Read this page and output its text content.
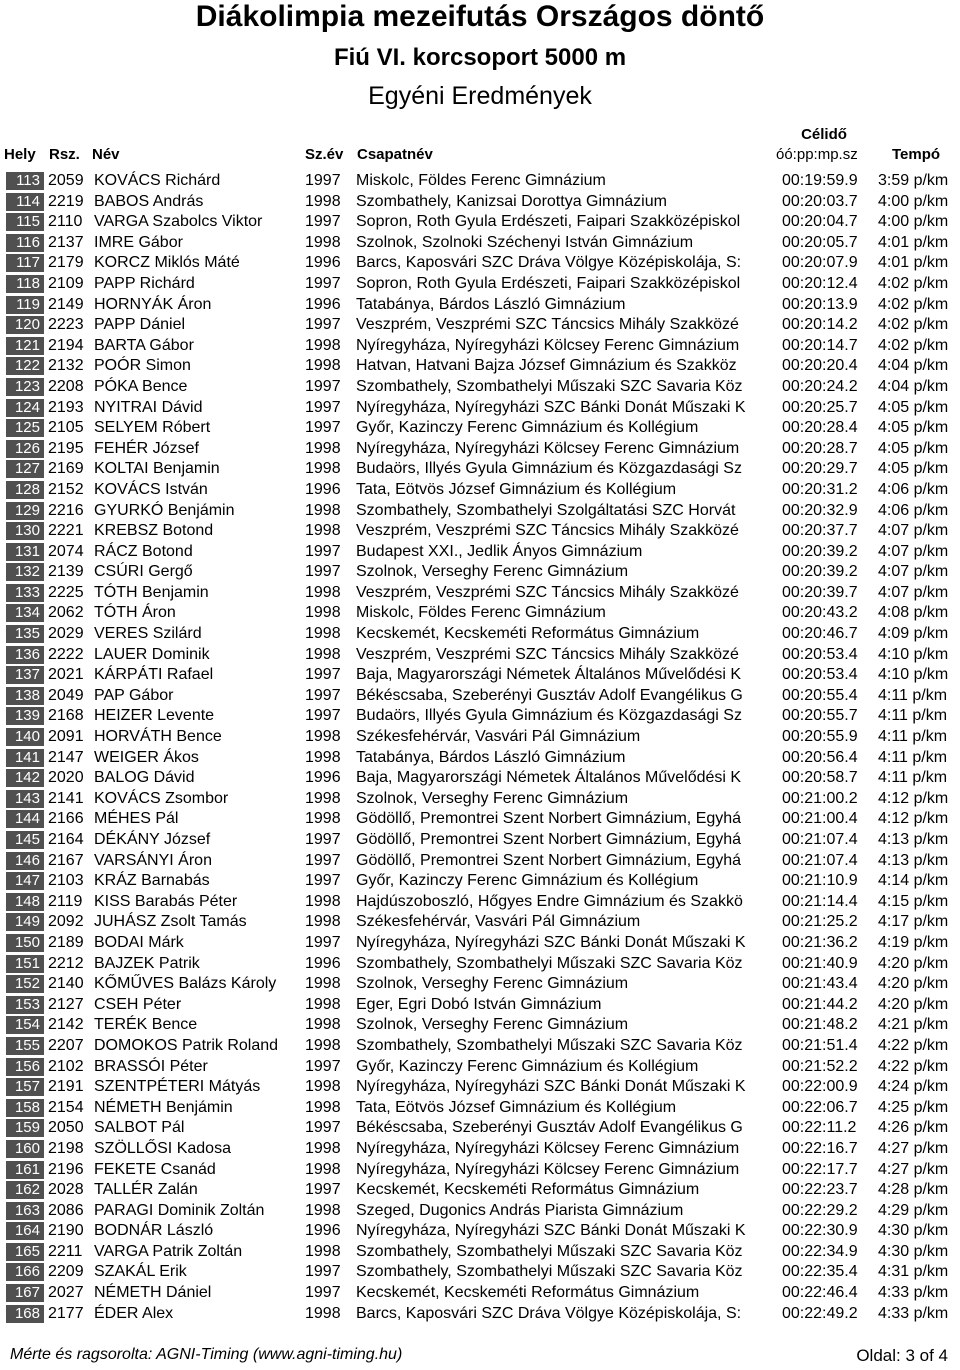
Diákolimpia mezeifutás Országos döntő
Fiú VI. korcsoport 5000 m
Egyéni Eredmények
Hely Rsz. Név	Sz.év Csapatnév
Célidő
óó:pp:mp.sz Tempó
113 2059 KOVÁCS Richárd	1997 Miskolc, Földes Ferenc Gimnázium	00:19:59.9	3:59 p/km
114 2219 BABOS András	1998 Szombathely, Kanizsai Dorottya Gimnázium	00:20:03.7	4:00 p/km
115 2110 VARGA Szabolcs Viktor	1997 Sopron, Roth Gyula Erdészeti, Faipari Szakközépiskol	00:20:04.7	4:00 p/km
116 2137 IMRE Gábor	1998 Szolnok, Szolnoki Széchenyi István Gimnázium	00:20:05.7	4:01 p/km
117 2179 KORCZ Miklós Máté	1996 Barcs, Kaposvári SZC Dráva Völgye Középiskolája, S:	00:20:07.9	4:01 p/km
118 2109 PAPP Richárd	1997 Sopron, Roth Gyula Erdészeti, Faipari Szakközépiskol	00:20:12.4	4:02 p/km
119 2149 HORNYÁK Áron	1996 Tatabánya, Bárdos László Gimnázium	00:20:13.9	4:02 p/km
120 2223 PAPP Dániel	1997 Veszprém, Veszprémi SZC Táncsics Mihály Szakközé	00:20:14.2	4:02 p/km
121 2194 BARTA Gábor	1998 Nyíregyháza, Nyíregyházi Kölcsey Ferenc Gimnázium	00:20:14.7	4:02 p/km
122 2132 POÓR Simon	1998 Hatvan, Hatvani Bajza József Gimnázium és Szakköz	00:20:20.4	4:04 p/km
123 2208 PÓKA Bence	1997 Szombathely, Szombathelyi Műszaki SZC Savaria Köz	00:20:24.2	4:04 p/km
124 2193 NYITRAI Dávid	1997 Nyíregyháza, Nyíregyházi SZC Bánki Donát Műszaki K	00:20:25.7	4:05 p/km
125 2105 SELYEM Róbert	1997 Győr, Kazinczy Ferenc Gimnázium és Kollégium	00:20:28.4	4:05 p/km
126 2195 FEHÉR József	1998 Nyíregyháza, Nyíregyházi Kölcsey Ferenc Gimnázium	00:20:28.7	4:05 p/km
127 2169 KOLTAI Benjamin	1998 Budaörs, Illyés Gyula Gimnázium és Közgazdasági Sz	00:20:29.7	4:05 p/km
128 2152 KOVÁCS István	1996 Tata, Eötvös József Gimnázium és Kollégium	00:20:31.2	4:06 p/km
129 2216 GYURKÓ Benjámin	1998 Szombathely, Szombathelyi Szolgáltatási SZC Horvát	00:20:32.9	4:06 p/km
130 2221 KREBSZ Botond	1998 Veszprém, Veszprémi SZC Táncsics Mihály Szakközé	00:20:37.7	4:07 p/km
131 2074 RÁCZ Botond	1997 Budapest XXI., Jedlik Ányos Gimnázium	00:20:39.2	4:07 p/km
132 2139 CSÚRI Gergő	1997 Szolnok, Verseghy Ferenc Gimnázium	00:20:39.2	4:07 p/km
133 2225 TÓTH Benjamin	1998 Veszprém, Veszprémi SZC Táncsics Mihály Szakközé	00:20:39.7	4:07 p/km
134 2062 TÓTH Áron	1998 Miskolc, Földes Ferenc Gimnázium	00:20:43.2	4:08 p/km
135 2029 VERES Szilárd	1998 Kecskemét, Kecskeméti Református Gimnázium	00:20:46.7	4:09 p/km
136 2222 LAUER Dominik	1998 Veszprém, Veszprémi SZC Táncsics Mihály Szakközé	00:20:53.4	4:10 p/km
137 2021 KÁRPÁTI Rafael	1997 Baja, Magyarországi Németek Általános Művelődési K	00:20:53.4	4:10 p/km
138 2049 PAP Gábor	1997 Békéscsaba, Szeberényi Gusztáv Adolf Evangélikus G	00:20:55.4	4:11 p/km
139 2168 HEIZER Levente	1997 Budaörs, Illyés Gyula Gimnázium és Közgazdasági Sz	00:20:55.7	4:11 p/km
140 2091 HORVÁTH Bence	1998 Székesfehérvár, Vasvári Pál Gimnázium	00:20:55.9	4:11 p/km
141 2147 WEIGER Ákos	1998 Tatabánya, Bárdos László Gimnázium	00:20:56.4	4:11 p/km
142 2020 BALOG Dávid	1996 Baja, Magyarországi Németek Általános Művelődési K	00:20:58.7	4:11 p/km
143 2141 KOVÁCS Zsombor	1998 Szolnok, Verseghy Ferenc Gimnázium	00:21:00.2	4:12 p/km
144 2166 MÉHES Pál	1998 Gödöllő, Premontrei Szent Norbert Gimnázium, Egyhá	00:21:00.4	4:12 p/km
145 2164 DÉKÁNY József	1997 Gödöllő, Premontrei Szent Norbert Gimnázium, Egyhá	00:21:07.4	4:13 p/km
146 2167 VARSÁNYI Áron	1997 Gödöllő, Premontrei Szent Norbert Gimnázium, Egyhá	00:21:07.4	4:13 p/km
147 2103 KRÁZ Barnabás	1997 Győr, Kazinczy Ferenc Gimnázium és Kollégium	00:21:10.9	4:14 p/km
148 2119 KISS Barabás Péter	1998 Hajdúszoboszló, Hőgyes Endre Gimnázium és Szakkö	00:21:14.4	4:15 p/km
149 2092 JUHÁSZ Zsolt Tamás	1998 Székesfehérvár, Vasvári Pál Gimnázium	00:21:25.2	4:17 p/km
150 2189 BODAI Márk	1997 Nyíregyháza, Nyíregyházi SZC Bánki Donát Műszaki K	00:21:36.2	4:19 p/km
151 2212 BAJZEK Patrik	1996 Szombathely, Szombathelyi Műszaki SZC Savaria Köz	00:21:40.9	4:20 p/km
152 2140 KŐMŰVES Balázs Károly	1998 Szolnok, Verseghy Ferenc Gimnázium	00:21:43.4	4:20 p/km
153 2127 CSEH Péter	1998 Eger, Egri Dobó István Gimnázium	00:21:44.2	4:20 p/km
154 2142 TERÉK Bence	1998 Szolnok, Verseghy Ferenc Gimnázium	00:21:48.2	4:21 p/km
155 2207 DOMOKOS Patrik Roland	1998 Szombathely, Szombathelyi Műszaki SZC Savaria Köz	00:21:51.4	4:22 p/km
156 2102 BRASSÓI Péter	1997 Győr, Kazinczy Ferenc Gimnázium és Kollégium	00:21:52.2	4:22 p/km
157 2191 SZENTPÉTERI Mátyás	1998 Nyíregyháza, Nyíregyházi SZC Bánki Donát Műszaki K	00:22:00.9	4:24 p/km
158 2154 NÉMETH Benjámin	1998 Tata, Eötvös József Gimnázium és Kollégium	00:22:06.7	4:25 p/km
159 2050 SALBOT Pál	1997 Békéscsaba, Szeberényi Gusztáv Adolf Evangélikus G	00:22:11.2	4:26 p/km
160 2198 SZÖLLŐSI Kadosa	1998 Nyíregyháza, Nyíregyházi Kölcsey Ferenc Gimnázium	00:22:16.7	4:27 p/km
161 2196 FEKETE Csanád	1998 Nyíregyháza, Nyíregyházi Kölcsey Ferenc Gimnázium	00:22:17.7	4:27 p/km
162 2028 TALLÉR Zalán	1997 Kecskemét, Kecskeméti Református Gimnázium	00:22:23.7	4:28 p/km
163 2086 PARAGI Dominik Zoltán	1998 Szeged, Dugonics András Piarista Gimnázium	00:22:29.2	4:29 p/km
164 2190 BODNÁR László	1996 Nyíregyháza, Nyíregyházi SZC Bánki Donát Műszaki K	00:22:30.9	4:30 p/km
165 2211 VARGA Patrik Zoltán	1998 Szombathely, Szombathelyi Műszaki SZC Savaria Köz	00:22:34.9	4:30 p/km
166 2209 SZAKÁL Erik	1997 Szombathely, Szombathelyi Műszaki SZC Savaria Köz	00:22:35.4	4:31 p/km
167 2027 NÉMETH Dániel	1997 Kecskemét, Kecskeméti Református Gimnázium	00:22:46.4	4:33 p/km
168 2177 ÉDER Alex	1998 Barcs, Kaposvári SZC Dráva Völgye Középiskolája, S:	00:22:49.2	4:33 p/km
Mérte és ragsorolta: AGNI-Timing (www.agni-timing.hu)	Oldal: 3 of 4
